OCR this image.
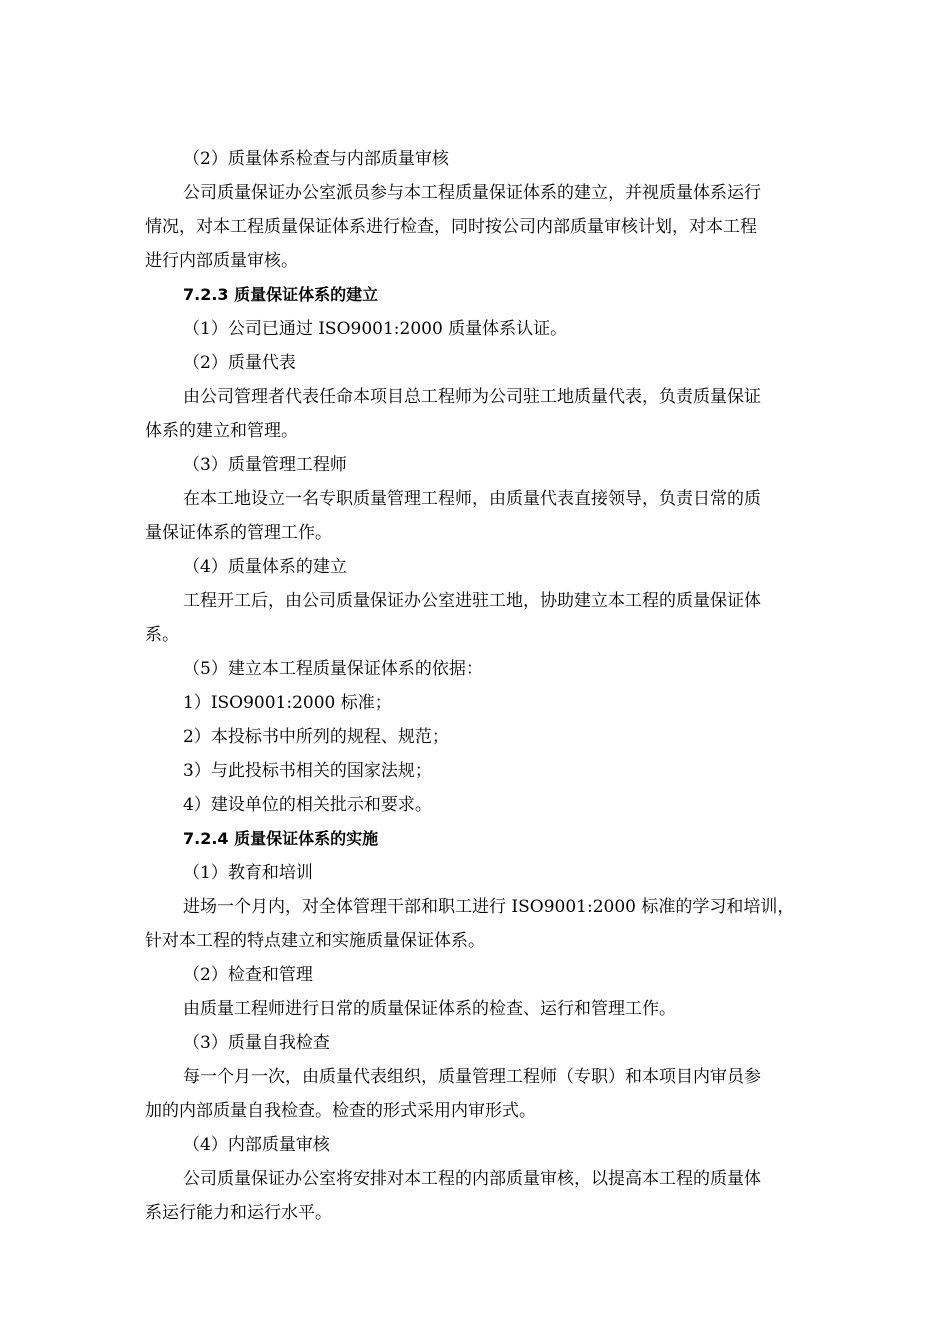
（2）质量体系检查与内部质量审核
公司质量保证办公室派员参与本工程质量保证体系的建立，并视质量体系运行
情况，对本工程质量保证体系进行检查，同时按公司内部质量审核计划，对本工程
进行内部质量审核。
7.2.3 质量保证体系的建立
（1）公司已通过 ISO9001:2000 质量体系认证。
（2）质量代表
由公司管理者代表任命本项目总工程师为公司驻工地质量代表，负责质量保证
体系的建立和管理。
（3）质量管理工程师
在本工地设立一名专职质量管理工程师，由质量代表直接领导，负责日常的质
量保证体系的管理工作。
（4）质量体系的建立
工程开工后，由公司质量保证办公室进驻工地，协助建立本工程的质量保证体
系。
（5）建立本工程质量保证体系的依据：
1）ISO9001:2000 标准；
2）本投标书中所列的规程、规范；
3）与此投标书相关的国家法规；
4）建设单位的相关批示和要求。
7.2.4 质量保证体系的实施
（1）教育和培训
进场一个月内，对全体管理干部和职工进行 ISO9001:2000 标准的学习和培训，
针对本工程的特点建立和实施质量保证体系。
（2）检查和管理
由质量工程师进行日常的质量保证体系的检查、运行和管理工作。
（3）质量自我检查
每一个月一次，由质量代表组织，质量管理工程师（专职）和本项目内审员参
加的内部质量自我检查。检查的形式采用内审形式。
（4）内部质量审核
公司质量保证办公室将安排对本工程的内部质量审核，以提高本工程的质量体
系运行能力和运行水平。
